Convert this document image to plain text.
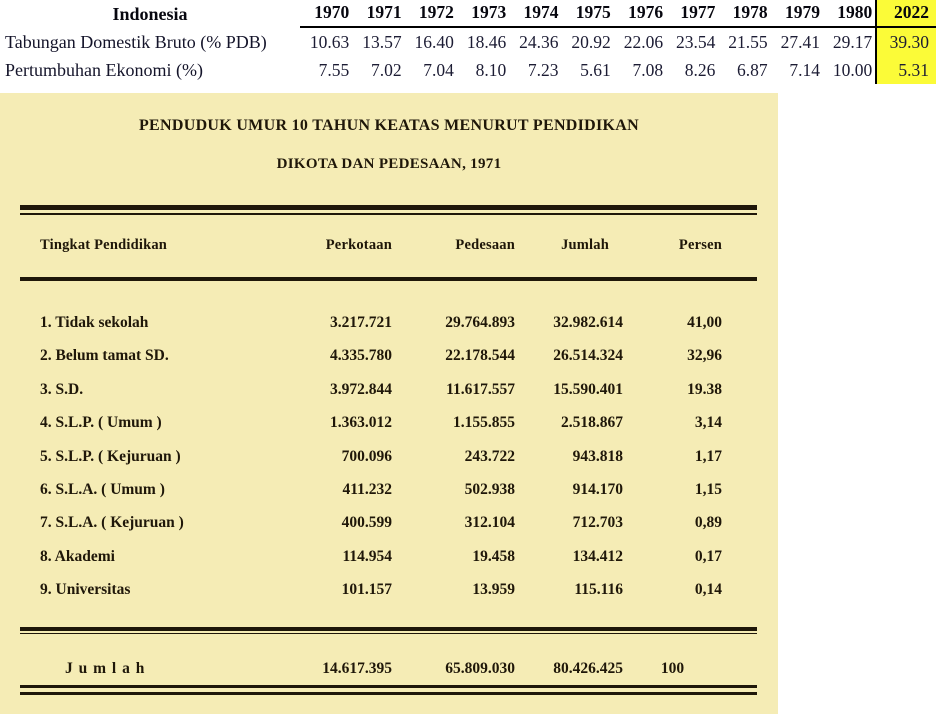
Indonesia	1970 1971 1972 1973 1974 1975 1976 1977 1978 1979 1980	2022
Tabungan Domestik Bruto (% PDB)	10.63 13.57 16.40 18.46 24.36 20.92 22.06 23.54 21.55 27.41 29.17 39.30
Pertumbuhan Ekonomi (%)	7.55	7.02	7.04	8.10	7.23	5.61	7.08	8.26	6.87	7.14 10.00	5.31
PENDUDUK UMUR 10 TAHUN KEATAS MENURUT PENDIDIKAN
DIKOTA DAN PEDESAAN, 1971
Tingkat Pendidikan	Perkotaan	Pedesaan	Jumlah	Persen
1. Tidak sekolah	3.217.721	29.764.893	32.982.614	41,00
2. Belum tamat SD.	4.335.780	22.178.544	26.514.324	32,96
3. S.D.	3.972.844	11.617.557	15.590.401	19.38
4. S.L.P. ( Umum )	1.363.012	1.155.855	2.518.867	3,14
5. S.L.P. ( Kejuruan )	700.096	243.722	943.818	1,17
6. S.L.A. ( Umum )	411.232	502.938	914.170	1,15
7. S.L.A. ( Kejuruan )	400.599	312.104	712.703	0,89
8. Akademi	114.954	19.458	134.412	0,17
9. Universitas	101.157	13.959	115.116	0,14
J u m l a h	14.617.395	65.809.030	80.426.425	100
